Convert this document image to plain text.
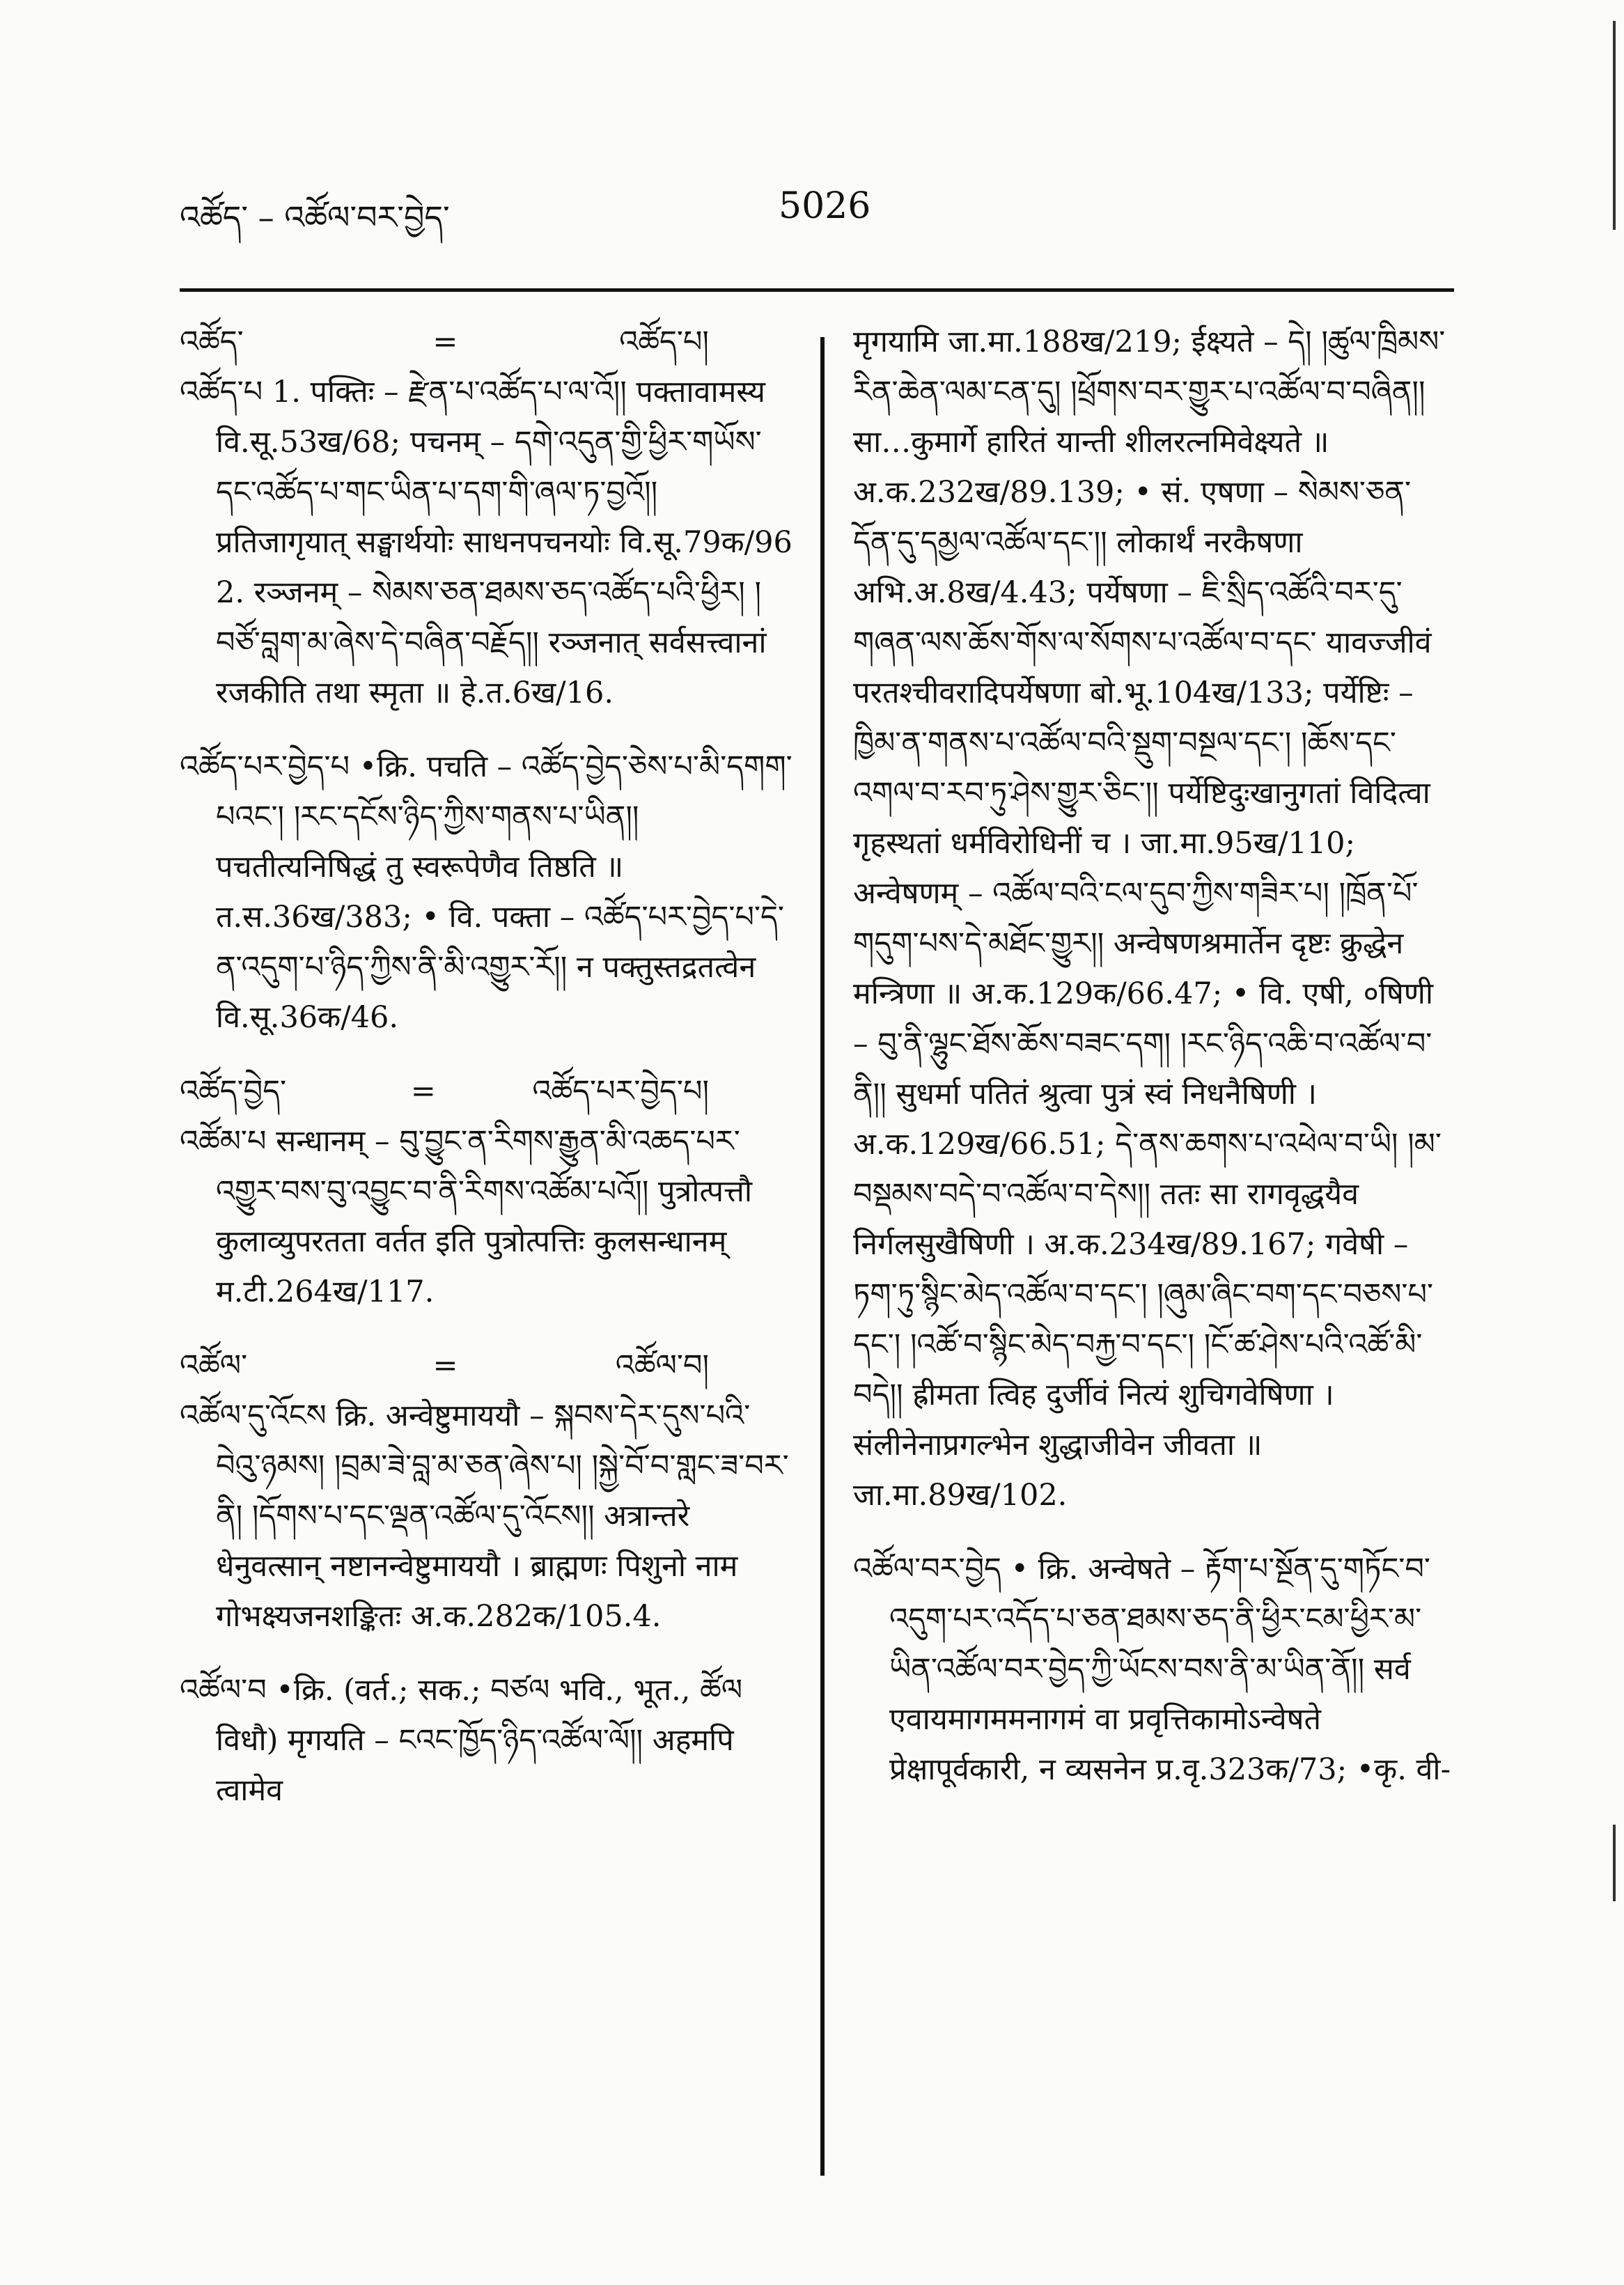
འཚོད་ – འཚོལ་བར་བྱེད་	5026
འཚོད་	=	འཚོད་པ།

འཚོད་པ 1. पक्तिः – རྫེན་པ་འཚོད་པ་ལ་འོ།། पक्तावामस्य वि.सू.53ख/68; पचनम् – དགེ་འདུན་གྱི་ཕྱིར་གཡོས་དང་འཚོད་པ་གང་ཡིན་པ་དག་གི་ཞལ་ཏ་བྱའོ།། प्रतिजागृयात् सङ्घार्थयोः साधनपचनयोः वि.सू.79क/96 2. रञ्जनम् – སེམས་ཅན་ཐམས་ཅད་འཚོད་པའི་ཕྱིར། །བཙོ་བླག་མ་ཞེས་དེ་བཞིན་བརྗོད།། रञ्जनात् सर्वसत्त्वानां रजकीति तथा स्मृता ॥ हे.त.6ख/16.

འཚོད་པར་བྱེད་པ •क्रि. पचति – འཚོད་བྱེད་ཅེས་པ་མི་དགག་པའང་། །རང་དངོས་ཉིད་ཀྱིས་གནས་པ་ཡིན།། पचतीत्यनिषिद्धं तु स्वरूपेणैव तिष्ठति ॥ त.स.36ख/383; • वि. पक्ता – འཚོད་པར་བྱེད་པ་དེ་ན་འདུག་པ་ཉིད་ཀྱིས་ནི་མི་འགྱུར་རོ།། न पक्तुस्तद्रतत्वेन वि.सू.36क/46.

འཚོད་བྱེད་	=	འཚོད་པར་བྱེད་པ།

འཚོམ་པ सन्धानम् – བུ་བྱུང་ན་རིགས་རྒྱུན་མི་འཆད་པར་འགྱུར་བས་བུ་འབྱུང་བ་ནི་རིགས་འཚོམ་པའོ།། पुत्रोत्पत्तौ कुलाव्युपरतता वर्तत इति पुत्रोत्पत्तिः कुलसन्धानम् म.टी.264ख/117.

འཚོལ་	=	འཚོལ་བ།

འཚོལ་དུ་འོངས क्रि. अन्वेष्टुमाययौ – སྐབས་དེར་དུས་པའི་བེའུ་ཉམས། །བྲམ་ཟེ་བླ་མ་ཅན་ཞེས་པ། །སྐྱེ་བོ་བ་གླང་ཟ་བར་ནི། །དོགས་པ་དང་ལྡན་འཚོལ་དུ་འོངས།། अत्रान्तरे धेनुवत्सान् नष्टानन्वेष्टुमाययौ । ब्राह्मणः पिशुनो नाम गोभक्ष्यजनशङ्कितः अ.क.282क/105.4.

འཚོལ་བ •क्रि. (वर्त.; सक.; བཙལ भवि., भूत., ཚོལ विधौ) मृगयति – ངའང་ཁྱོད་ཉིད་འཚོལ་ལོ།། अहमपि त्वामेव

मृगयामि जा.मा.188ख/219; ईक्ष्यते – དེ། །ཚུལ་ཁྲིམས་རིན་ཆེན་ལམ་ངན་དུ། །ཕྲོགས་བར་གྱུར་པ་འཚོལ་བ་བཞིན།། सा…कुमार्गे हारितं यान्ती शीलरत्नमिवेक्ष्यते ॥ अ.क.232ख/89.139; • सं. एषणा – སེམས་ཅན་དོན་དུ་དམྱལ་འཚོལ་དང་།། लोकार्थं नरकैषणा अभि.अ.8ख/4.43; पर्येषणा – ཇི་སྲིད་འཚོའི་བར་དུ་གཞན་ལས་ཆོས་གོས་ལ་སོགས་པ་འཚོལ་བ་དང་ यावज्जीवं परतश्चीवरादिपर्येषणा बो.भू.104ख/133; पर्येष्टिः – ཁྱིམ་ན་གནས་པ་འཚོལ་བའི་སྡུག་བསྔལ་དང་། །ཆོས་དང་འགལ་བ་རབ་ཏུ་ཤེས་གྱུར་ཅིང་།། पर्येष्टिदुःखानुगतां विदित्वा गृहस्थतां धर्मविरोधिनीं च । जा.मा.95ख/110; अन्वेषणम् – འཚོལ་བའི་ངལ་དུབ་ཀྱིས་གཟིར་པ། །ཁྲོན་པོ་གདུག་པས་དེ་མཐོང་གྱུར།། अन्वेषणश्रमार्तेन दृष्टः क्रुद्धेन मन्त्रिणा ॥ अ.क.129क/66.47; • वि. एषी, ०षिणी – བུ་ནི་ལྷུང་ཐོས་ཆོས་བཟང་དག། །རང་ཉིད་འཆི་བ་འཚོལ་བ་ནི།། सुधर्मा पतितं श्रुत्वा पुत्रं स्वं निधनैषिणी । अ.क.129ख/66.51; དེ་ནས་ཆགས་པ་འཕེལ་བ་ཡི། །མ་བསྡམས་བདེ་བ་འཚོལ་བ་དེས།། ततः सा रागवृद्धयैव निर्गलसुखैषिणी । अ.क.234ख/89.167; गवेषी – ཏག་ཏུ་སྙིང་མེད་འཚོལ་བ་དང་། །ཞུམ་ཞིང་བག་དང་བཅས་པ་དང་། །འཚོ་བ་སྙིང་མེད་བརྐྱ་བ་དང་། །ངོ་ཚ་ཤེས་པའི་འཚོ་མི་བདེ།། ह्रीमता त्विह दुर्जीवं नित्यं शुचिगवेषिणा । संलीनेनाप्रगल्भेन शुद्धाजीवेन जीवता ॥ जा.मा.89ख/102.

འཚོལ་བར་བྱེད • क्रि. अन्वेषते – རྟོག་པ་སྔོན་དུ་གཏོང་བ་འདུག་པར་འདོད་པ་ཅན་ཐམས་ཅད་ནི་ཕྱིར་ངམ་ཕྱིར་མ་ཡིན་འཚོལ་བར་བྱེད་ཀྱི་ཡོངས་བས་ནི་མ་ཡིན་ནོ།། सर्व एवायमागममनागमं वा प्रवृत्तिकामोऽन्वेषते प्रेक्षापूर्वकारी, न व्यसनेन प्र.वृ.323क/73; •कृ. वी-
